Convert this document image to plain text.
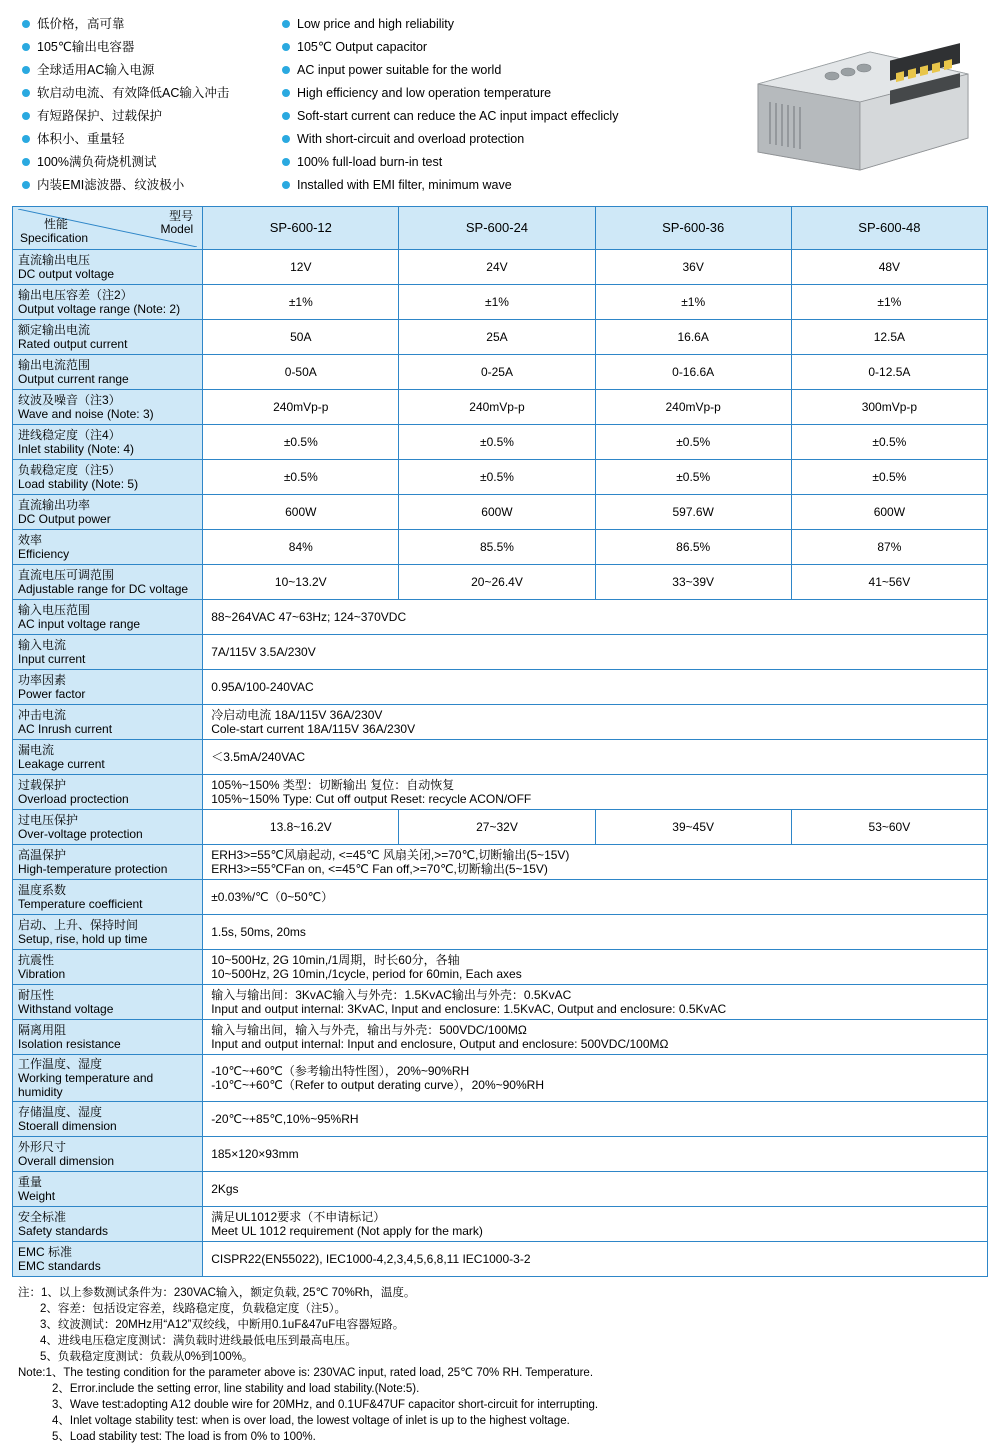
低价格，高可靠
105℃输出电容器
全球适用AC输入电源
软启动电流、有效降低AC输入冲击
有短路保护、过载保护
体积小、重量轻
100%满负荷烧机测试
内装EMI滤波器、纹波极小
Low price and high reliability
105℃ Output capacitor
AC input power suitable for the world
High efficiency and low operation temperature
Soft-start current can reduce the AC input impact effeclicly
With short-circuit and overload protection
100% full-load burn-in test
Installed with EMI filter, minimum wave
型号
Model
性能
Specification	SP-600-12	SP-600-24	SP-600-36	SP-600-48

直流输出电压
DC output voltage	12V	24V	36V	48V

输出电压容差（注2）
Output voltage range (Note: 2)	±1%	±1%	±1%	±1%

额定输出电流
Rated output current	50A	25A	16.6A	12.5A

输出电流范围
Output current range	0-50A	0-25A	0-16.6A	0-12.5A

纹波及噪音（注3）
Wave and noise (Note: 3)	240mVp-p	240mVp-p	240mVp-p	300mVp-p

进线稳定度（注4）
Inlet stability (Note: 4)	±0.5%	±0.5%	±0.5%	±0.5%

负载稳定度（注5）
Load stability (Note: 5)	±0.5%	±0.5%	±0.5%	±0.5%

直流输出功率
DC Output power	600W	600W	597.6W	600W

效率
Efficiency	84%	85.5%	86.5%	87%

直流电压可调范围
Adjustable range for DC voltage	10~13.2V	20~26.4V	33~39V	41~56V

输入电压范围
AC input voltage range	88~264VAC 47~63Hz; 124~370VDC			

输入电流
Input current	7A/115V 3.5A/230V			

功率因素
Power factor	0.95A/100-240VAC			

冲击电流
AC Inrush current	冷启动电流 18A/115V 36A/230V
Cole-start current 18A/115V 36A/230V			

漏电流
Leakage current	＜3.5mA/240VAC			

过载保护
Overload proctection	105%~150% 类型：切断输出 复位：自动恢复
105%~150% Type: Cut off output Reset: recycle ACON/OFF			

过电压保护
Over-voltage protection	13.8~16.2V	27~32V	39~45V	53~60V

高温保护
High-temperature protection	ERH3>=55℃风扇起动, <=45℃ 风扇关闭,>=70℃,切断输出(5~15V)
ERH3>=55℃Fan on, <=45℃ Fan off,>=70℃,切断输出(5~15V)			

温度系数
Temperature coefficient	±0.03%/℃（0~50℃）			

启动、上升、保持时间
Setup, rise, hold up time	1.5s, 50ms, 20ms			

抗震性
Vibration	10~500Hz, 2G 10min,/1周期，时长60分，各轴
10~500Hz, 2G 10min,/1cycle, period for 60min, Each axes			

耐压性
Withstand voltage	输入与输出间：3KvAC输入与外壳：1.5KvAC输出与外壳：0.5KvAC
Input and output internal: 3KvAC, Input and enclosure: 1.5KvAC, Output and enclosure: 0.5KvAC			

隔离用阻
Isolation resistance	输入与输出间，输入与外壳，输出与外壳：500VDC/100MΩ
Input and output internal: Input and enclosure, Output and enclosure: 500VDC/100MΩ			

工作温度、湿度
Working temperature and humidity	-10℃~+60℃（参考输出特性图），20%~90%RH
-10℃~+60℃（Refer to output derating curve），20%~90%RH			

存储温度、湿度
Stoerall dimension	-20℃~+85℃,10%~95%RH			

外形尺寸
Overall dimension	185×120×93mm			

重量
Weight	2Kgs			

安全标准
Safety standards	满足UL1012要求（不申请标记）
Meet UL 1012 requirement (Not apply for the mark)			

EMC 标准
EMC standards	CISPR22(EN55022), IEC1000-4,2,3,4,5,6,8,11 IEC1000-3-2			
注：1、以上参数测试条件为：230VAC输入，额定负载, 25℃ 70%Rh，温度。
2、容差：包括设定容差，线路稳定度，负载稳定度（注5）。
3、纹波测试：20MHz用“A12”双绞线，中断用0.1uF&47uF电容器短路。
4、进线电压稳定度测试：满负载时进线最低电压到最高电压。
5、负载稳定度测试：负载从0%到100%。
Note:1、The testing condition for the parameter above is: 230VAC input, rated load, 25℃ 70% RH. Temperature.
2、Error.include the setting error, line stability and load stability.(Note:5).
3、Wave test:adopting A12 double wire for 20MHz, and 0.1UF&47UF capacitor short-circuit for interrupting.
4、Inlet voltage stability test: when is over load, the lowest voltage of inlet is up to the highest voltage.
5、Load stability test: The load is from 0% to 100%.
